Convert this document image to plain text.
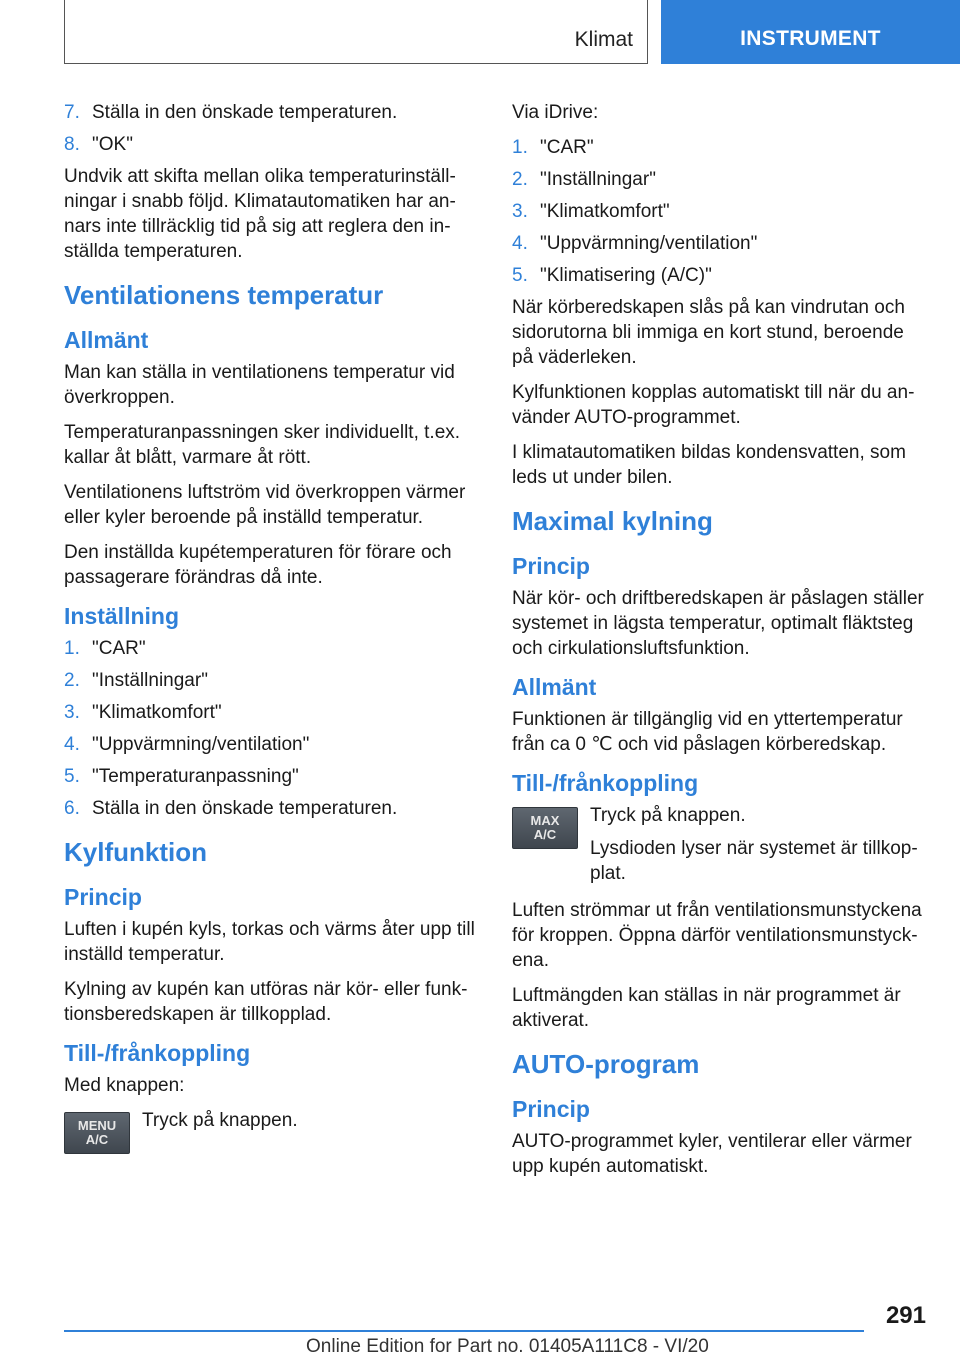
Klimat	INSTRUMENT
7. Ställa in den önskade temperaturen.
8. "OK"

Undvik att skifta mellan olika temperaturinställningar i snabb följd. Klimatautomatiken har annars inte tillräcklig tid på sig att reglera den inställda temperaturen.

Ventilationens temperatur
Allmänt

Man kan ställa in ventilationens temperatur vid överkroppen.

Temperaturanpassningen sker individuellt, t.ex. kallar åt blått, varmare åt rött.

Ventilationens luftström vid överkroppen värmer eller kyler beroende på inställd temperatur.

Den inställda kupétemperaturen för förare och passagerare förändras då inte.

Inställning
1. "CAR"
2. "Inställningar"
3. "Klimatkomfort"
4. "Uppvärmning/ventilation"
5. "Temperaturanpassning"
6. Ställa in den önskade temperaturen.
Kylfunktion
Princip

Luften i kupén kyls, torkas och värms åter upp till inställd temperatur.

Kylning av kupén kan utföras när kör- eller funktionsberedskapen är tillkopplad.

Till-/frånkoppling

Med knappen:

MENU
A/C

Tryck på knappen.

Via iDrive:

1. "CAR"
2. "Inställningar"
3. "Klimatkomfort"
4. "Uppvärmning/ventilation"
5. "Klimatisering (A/C)"

När körberedskapen slås på kan vindrutan och sidorutorna bli immiga en kort stund, beroende på väderleken.

Kylfunktionen kopplas automatiskt till när du använder AUTO-programmet.

I klimatautomatiken bildas kondensvatten, som leds ut under bilen.

Maximal kylning
Princip

När kör- och driftberedskapen är påslagen ställer systemet in lägsta temperatur, optimalt fläktsteg och cirkulationsluftsfunktion.

Allmänt

Funktionen är tillgänglig vid en yttertemperatur från ca 0 ℃ och vid påslagen körberedskap.

Till-/frånkoppling
MAX
A/C

Tryck på knappen.

Lysdioden lyser när systemet är tillkopplat.

Luften strömmar ut från ventilationsmunstyckena för kroppen. Öppna därför ventilationsmunstyckena.

Luftmängden kan ställas in när programmet är aktiverat.

AUTO-program
Princip

AUTO-programmet kyler, ventilerar eller värmer upp kupén automatiskt.

291
Online Edition for Part no. 01405A111C8 - VI/20
